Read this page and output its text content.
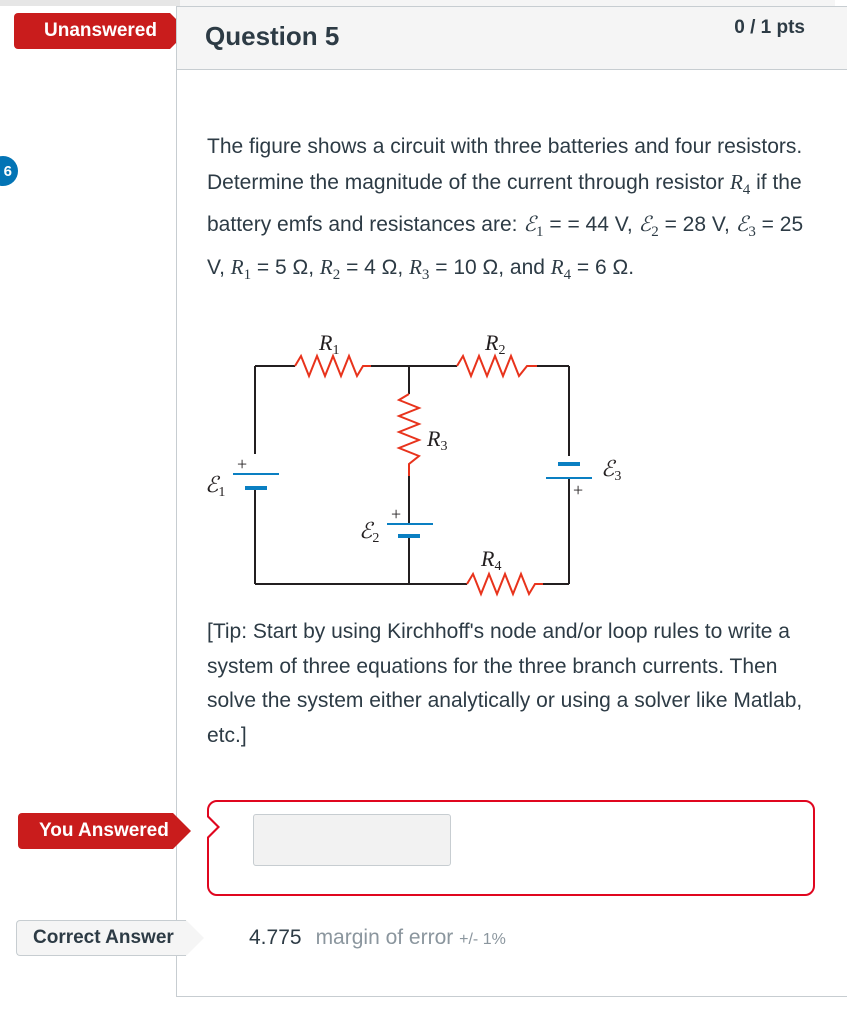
6
Unanswered	Question 5	0 / 1 pts
The figure shows a circuit with three batteries and four resistors. Determine the magnitude of the current through resistor $R_4$ if the battery emfs and resistances are: ℰ$_1$ = = 44 V, ℰ$_2$ = 28 V, ℰ$_3$ = 25 V, $R_1 = 5$ Ω, $R_2 = 4$ Ω, $R_3 = 10$ Ω, and $R_4 = 6$ Ω.
R1	R2
R3
R4
ℰ1
ℰ2
ℰ3
+
+
+
[Tip: Start by using Kirchhoff's node and/or loop rules to write a system of three equations for the three branch currents. Then solve the system either analytically or using a solver like Matlab, etc.]
4.775 margin of error +/- 1%
You Answered
Correct Answer
